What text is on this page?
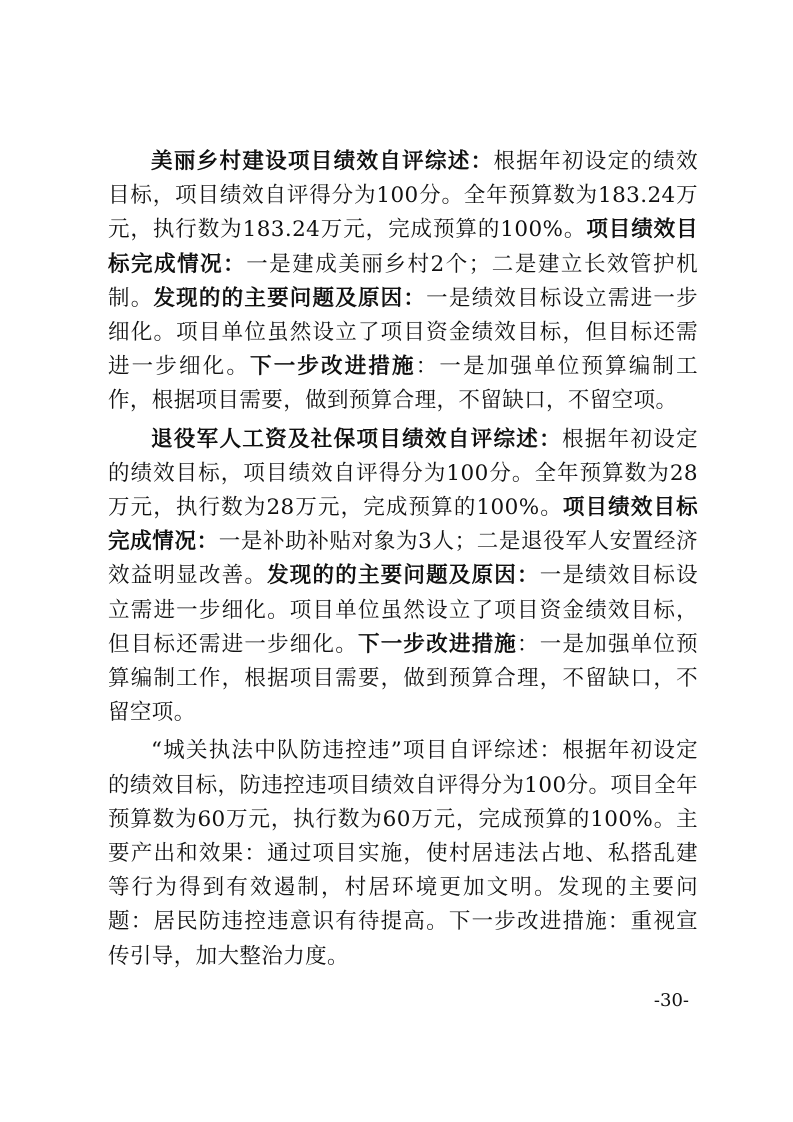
美丽乡村建设项目绩效自评综述：根据年初设定的绩效目标，项目绩效自评得分为100分。全年预算数为183.24万元，执行数为183.24万元，完成预算的100%。项目绩效目标完成情况：一是建成美丽乡村2个；二是建立长效管护机制。发现的的主要问题及原因：一是绩效目标设立需进一步细化。项目单位虽然设立了项目资金绩效目标，但目标还需进一步细化。下一步改进措施：一是加强单位预算编制工作，根据项目需要，做到预算合理，不留缺口，不留空项。

退役军人工资及社保项目绩效自评综述：根据年初设定的绩效目标，项目绩效自评得分为100分。全年预算数为28万元，执行数为28万元，完成预算的100%。项目绩效目标完成情况：一是补助补贴对象为3人；二是退役军人安置经济效益明显改善。发现的的主要问题及原因：一是绩效目标设立需进一步细化。项目单位虽然设立了项目资金绩效目标，但目标还需进一步细化。下一步改进措施：一是加强单位预算编制工作，根据项目需要，做到预算合理，不留缺口，不留空项。

“城关执法中队防违控违”项目自评综述：根据年初设定的绩效目标，防违控违项目绩效自评得分为100分。项目全年预算数为60万元，执行数为60万元，完成预算的100%。主要产出和效果：通过项目实施，使村居违法占地、私搭乱建等行为得到有效遏制，村居环境更加文明。发现的主要问题：居民防违控违意识有待提高。下一步改进措施：重视宣传引导，加大整治力度。

-30-
